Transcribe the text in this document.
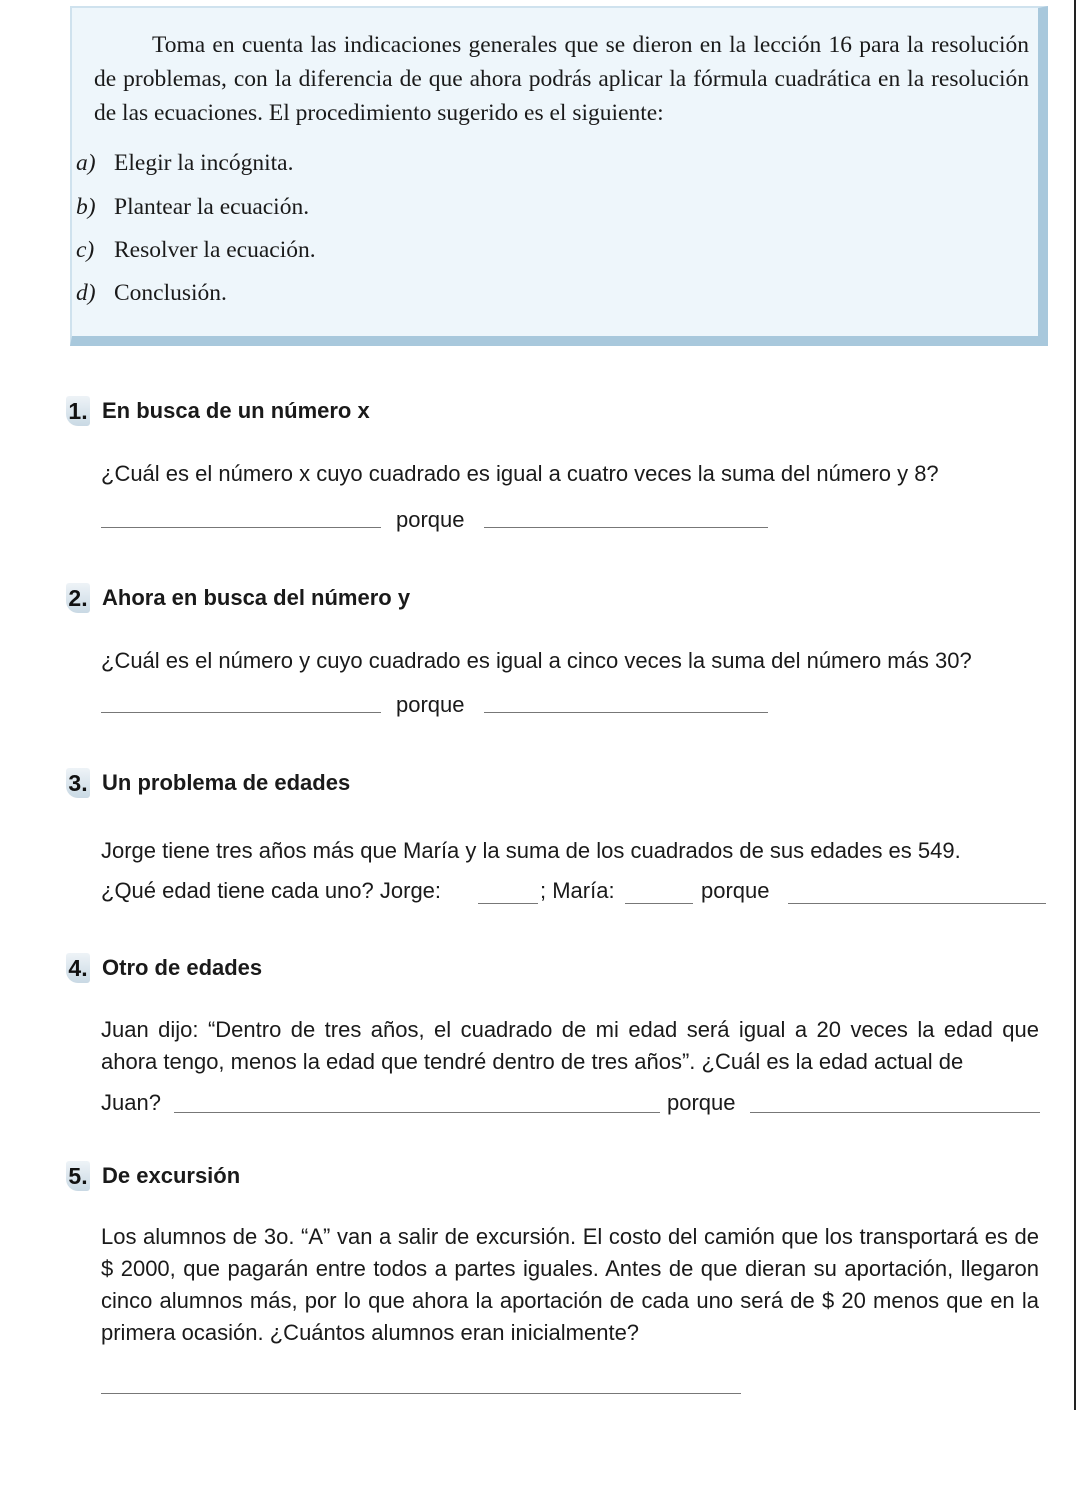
Toma en cuenta las indicaciones generales que se dieron en la lección 16 para la resolución de problemas, con la diferencia de que ahora podrás aplicar la fórmula cuadrática en la resolución de las ecuaciones. El procedimiento sugerido es el siguiente:

a) Elegir la incógnita.
b) Plantear la ecuación.
c) Resolver la ecuación.
d) Conclusión.
1. En busca de un número x
¿Cuál es el número x cuyo cuadrado es igual a cuatro veces la suma del número y 8?
porque
2. Ahora en busca del número y
¿Cuál es el número y cuyo cuadrado es igual a cinco veces la suma del número más 30?
porque
3. Un problema de edades
Jorge tiene tres años más que María y la suma de los cuadrados de sus edades es 549.
¿Qué edad tiene cada uno? Jorge:	; María:	porque
4. Otro de edades

Juan dijo: “Dentro de tres años, el cuadrado de mi edad será igual a 20 veces la edad que ahora tengo, menos la edad que tendré dentro de tres años”. ¿Cuál es la edad actual de

Juan?	porque
5. De excursión

Los alumnos de 3o. “A” van a salir de excursión. El costo del camión que los transportará es de $ 2000, que pagarán entre todos a partes iguales. Antes de que dieran su aportación, llegaron cinco alumnos más, por lo que ahora la aportación de cada uno será de $ 20 menos que en la primera ocasión. ¿Cuántos alumnos eran inicialmente?
